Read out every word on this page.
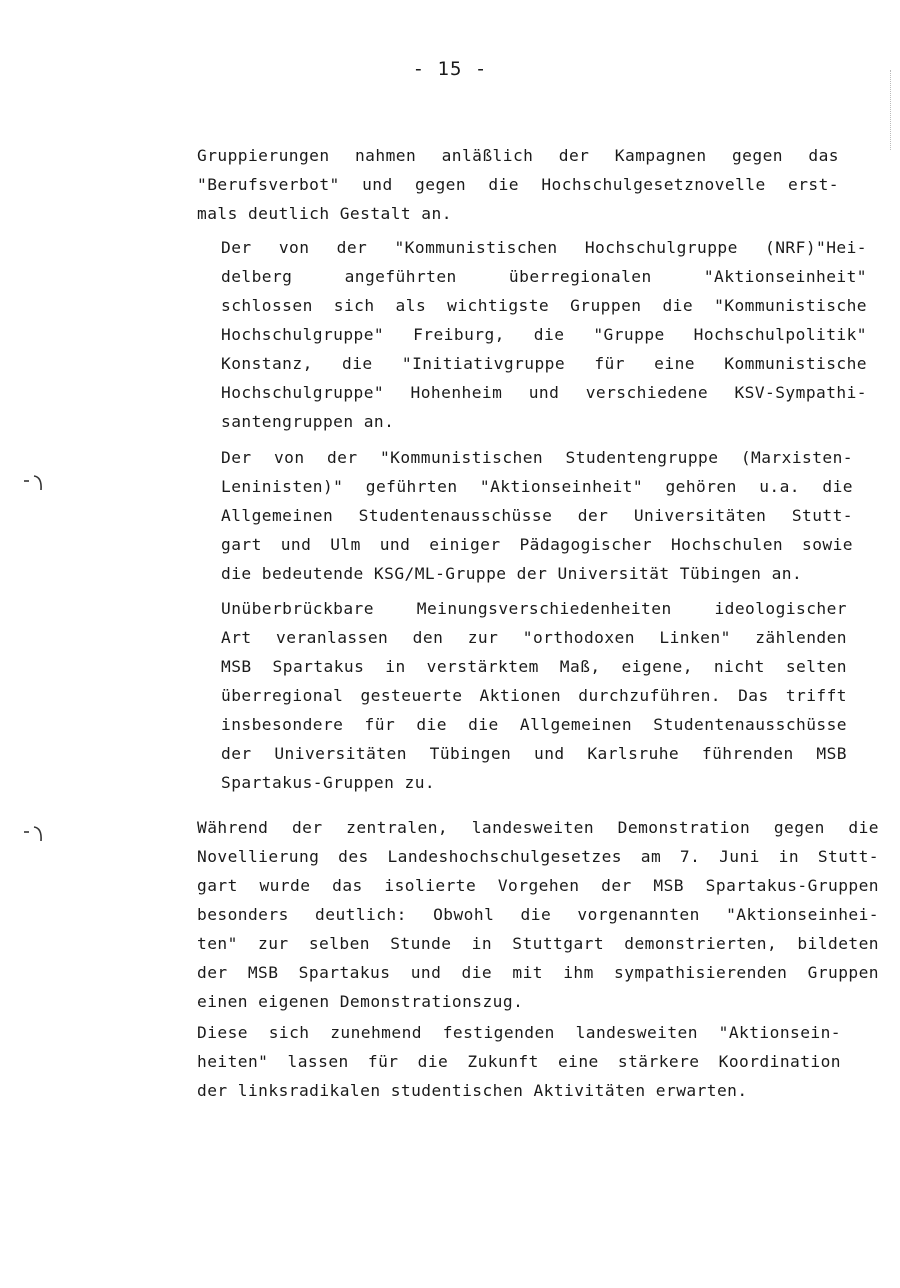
- 15 -
Gruppierungen nahmen anläßlich der Kampagnen gegen das
"Berufsverbot" und gegen die Hochschulgesetznovelle erst-
mals deutlich Gestalt an.
Der von der "Kommunistischen Hochschulgruppe (NRF)"Hei-
delberg angeführten überregionalen "Aktionseinheit"
schlossen sich als wichtigste Gruppen die "Kommunistische
Hochschulgruppe" Freiburg, die "Gruppe Hochschulpolitik"
Konstanz, die "Initiativgruppe für eine Kommunistische
Hochschulgruppe" Hohenheim und verschiedene KSV-Sympathi-
santengruppen an.
Der von der "Kommunistischen Studentengruppe (Marxisten-
Leninisten)" geführten "Aktionseinheit" gehören u.a. die
Allgemeinen Studentenausschüsse der Universitäten Stutt-
gart und Ulm und einiger Pädagogischer Hochschulen sowie
die bedeutende KSG/ML-Gruppe der Universität Tübingen an.
Unüberbrückbare Meinungsverschiedenheiten ideologischer
Art veranlassen den zur "orthodoxen Linken" zählenden
MSB Spartakus in verstärktem Maß, eigene, nicht selten
überregional gesteuerte Aktionen durchzuführen. Das trifft
insbesondere für die die Allgemeinen Studentenausschüsse
der Universitäten Tübingen und Karlsruhe führenden MSB
Spartakus-Gruppen zu.
Während der zentralen, landesweiten Demonstration gegen die
Novellierung des Landeshochschulgesetzes am 7. Juni in Stutt-
gart wurde das isolierte Vorgehen der MSB Spartakus-Gruppen
besonders deutlich: Obwohl die vorgenannten "Aktionseinhei-
ten" zur selben Stunde in Stuttgart demonstrierten, bildeten
der MSB Spartakus und die mit ihm sympathisierenden Gruppen
einen eigenen Demonstrationszug.
Diese sich zunehmend festigenden landesweiten "Aktionsein-
heiten" lassen für die Zukunft eine stärkere Koordination
der linksradikalen studentischen Aktivitäten erwarten.
